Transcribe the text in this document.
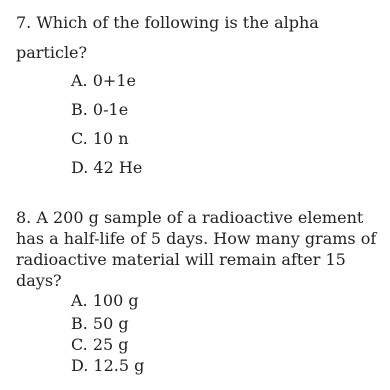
7. Which of the following is the alpha
particle?
A. 0+1e
B. 0-1e
C. 10 n
D. 42 He
8. A 200 g sample of a radioactive element
has a half-life of 5 days. How many grams of
radioactive material will remain after 15
days?
A. 100 g
B. 50 g
C. 25 g
D. 12.5 g
